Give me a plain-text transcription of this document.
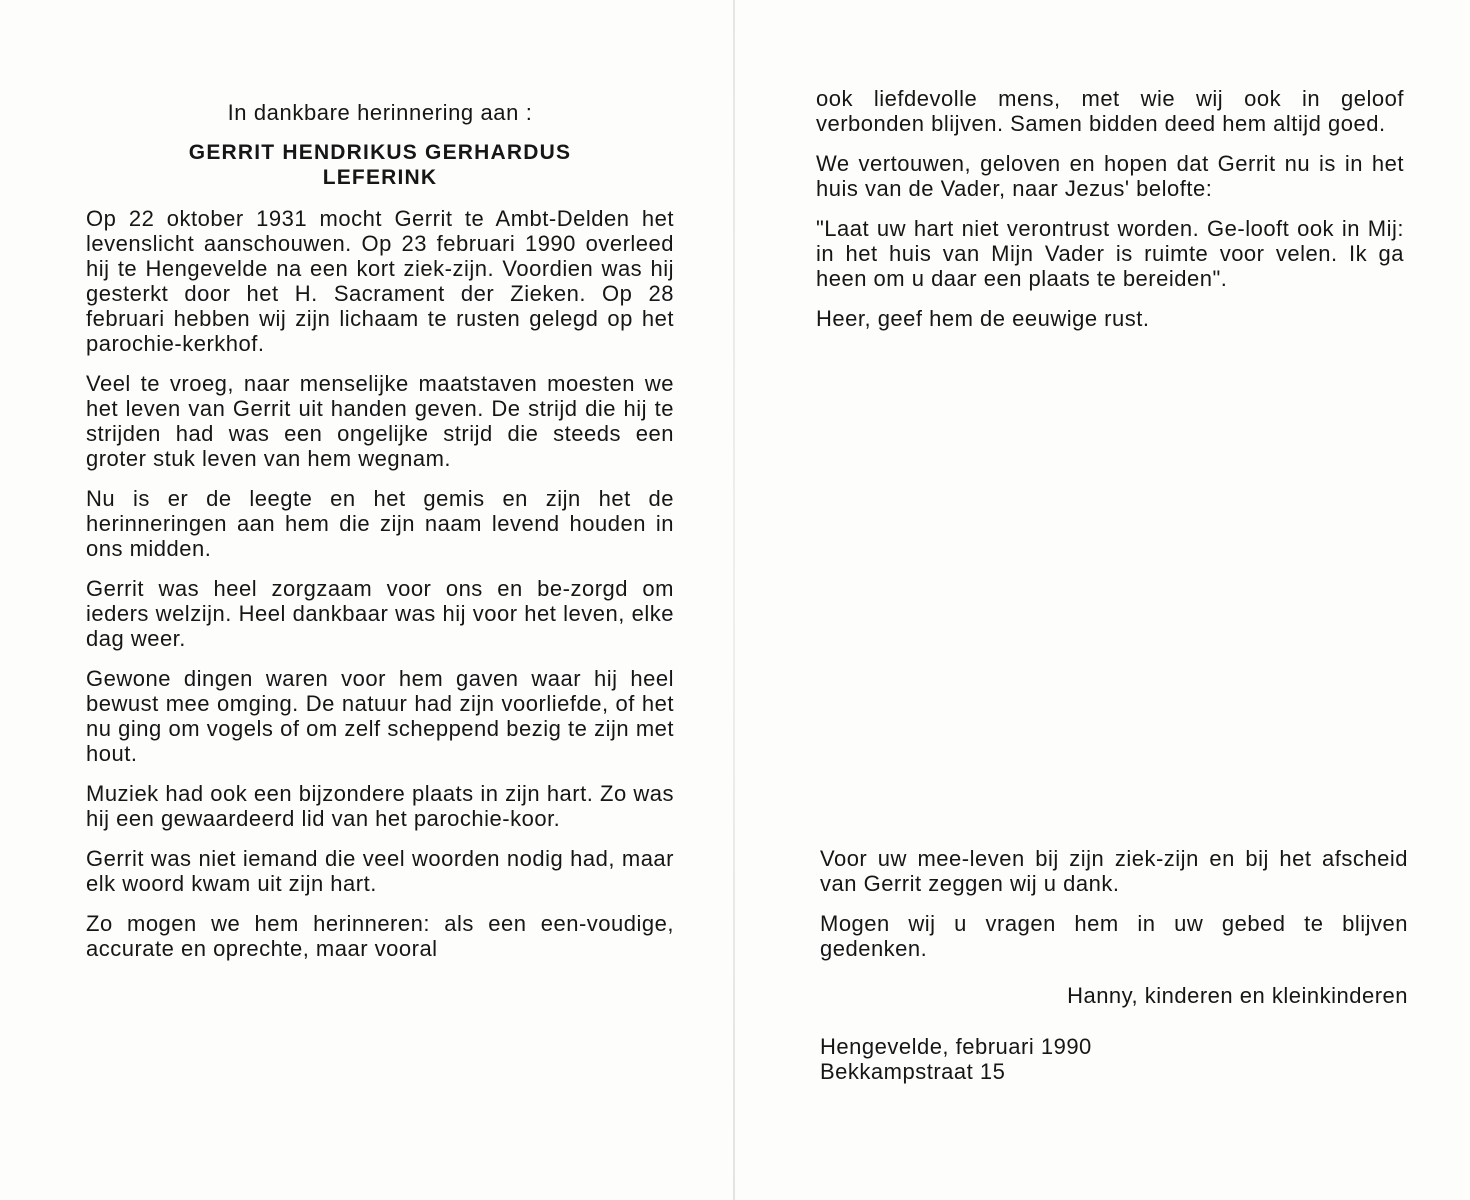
In dankbare herinnering aan :

GERRIT HENDRIKUS GERHARDUS
LEFERINK

Op 22 oktober 1931 mocht Gerrit te Ambt-Delden het levenslicht aanschouwen. Op 23 februari 1990 overleed hij te Hengevelde na een kort ziek-zijn. Voordien was hij gesterkt door het H. Sacrament der Zieken. Op 28 februari hebben wij zijn lichaam te rusten gelegd op het parochie-kerkhof.

Veel te vroeg, naar menselijke maatstaven moesten we het leven van Gerrit uit handen geven. De strijd die hij te strijden had was een ongelijke strijd die steeds een groter stuk leven van hem wegnam.

Nu is er de leegte en het gemis en zijn het de herinneringen aan hem die zijn naam levend houden in ons midden.

Gerrit was heel zorgzaam voor ons en be-zorgd om ieders welzijn. Heel dankbaar was hij voor het leven, elke dag weer.

Gewone dingen waren voor hem gaven waar hij heel bewust mee omging. De natuur had zijn voorliefde, of het nu ging om vogels of om zelf scheppend bezig te zijn met hout.

Muziek had ook een bijzondere plaats in zijn hart. Zo was hij een gewaardeerd lid van het parochie-koor.

Gerrit was niet iemand die veel woorden nodig had, maar elk woord kwam uit zijn hart.

Zo mogen we hem herinneren: als een een-voudige, accurate en oprechte, maar vooral

ook liefdevolle mens, met wie wij ook in geloof verbonden blijven. Samen bidden deed hem altijd goed.

We vertouwen, geloven en hopen dat Gerrit nu is in het huis van de Vader, naar Jezus' belofte:

"Laat uw hart niet verontrust worden. Ge-looft ook in Mij: in het huis van Mijn Vader is ruimte voor velen. Ik ga heen om u daar een plaats te bereiden".

Heer, geef hem de eeuwige rust.

Voor uw mee-leven bij zijn ziek-zijn en bij het afscheid van Gerrit zeggen wij u dank.

Mogen wij u vragen hem in uw gebed te blijven gedenken.

Hanny, kinderen en kleinkinderen

Hengevelde, februari 1990

Bekkampstraat 15
